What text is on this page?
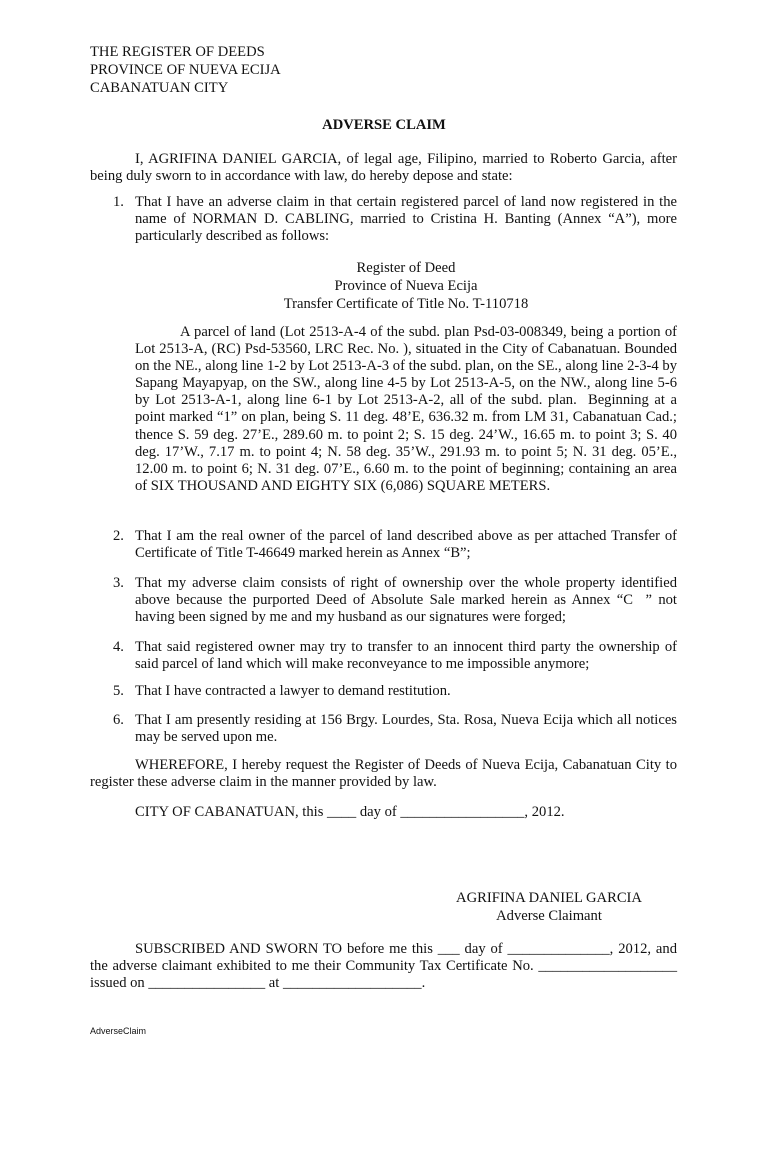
THE REGISTER OF DEEDS
PROVINCE OF NUEVA ECIJA
CABANATUAN CITY
ADVERSE CLAIM
I, AGRIFINA DANIEL GARCIA, of legal age, Filipino, married to Roberto Garcia, after being duly sworn to in accordance with law, do hereby depose and state:
1. That I have an adverse claim in that certain registered parcel of land now registered in the name of NORMAN D. CABLING, married to Cristina H. Banting (Annex “A”), more particularly described as follows:
Register of Deed
Province of Nueva Ecija
Transfer Certificate of Title No. T-110718
A parcel of land (Lot 2513-A-4 of the subd. plan Psd-03-008349, being a portion of Lot 2513-A, (RC) Psd-53560, LRC Rec. No. ), situated in the City of Cabanatuan. Bounded on the NE., along line 1-2 by Lot 2513-A-3 of the subd. plan, on the SE., along line 2-3-4 by Sapang Mayapyap, on the SW., along line 4-5 by Lot 2513-A-5, on the NW., along line 5-6 by Lot 2513-A-1, along line 6-1 by Lot 2513-A-2, all of the subd. plan.  Beginning at a point marked “1” on plan, being S. 11 deg. 48’E, 636.32 m. from LM 31, Cabanatuan Cad.; thence S. 59 deg. 27’E., 289.60 m. to point 2; S. 15 deg. 24’W., 16.65 m. to point 3; S. 40 deg. 17’W., 7.17 m. to point 4; N. 58 deg. 35’W., 291.93 m. to point 5; N. 31 deg. 05’E., 12.00 m. to point 6; N. 31 deg. 07’E., 6.60 m. to the point of beginning; containing an area of SIX THOUSAND AND EIGHTY SIX (6,086) SQUARE METERS.
2. That I am the real owner of the parcel of land described above as per attached Transfer of Certificate of Title T-46649 marked herein as Annex “B”;
3. That my adverse claim consists of right of ownership over the whole property identified above because the purported Deed of Absolute Sale marked herein as Annex “C  ” not having been signed by me and my husband as our signatures were forged;
4. That said registered owner may try to transfer to an innocent third party the ownership of said parcel of land which will make reconveyance to me impossible anymore;
5. That I have contracted a lawyer to demand restitution.
6. That I am presently residing at 156 Brgy. Lourdes, Sta. Rosa, Nueva Ecija which all notices may be served upon me.
WHEREFORE, I hereby request the Register of Deeds of Nueva Ecija, Cabanatuan City to register these adverse claim in the manner provided by law.
CITY OF CABANATUAN, this ____ day of _________________, 2012.
AGRIFINA DANIEL GARCIA
Adverse Claimant
SUBSCRIBED AND SWORN TO before me this ___ day of ______________, 2012, and the adverse claimant exhibited to me their Community Tax Certificate No. ___________________ issued on ________________ at ___________________.
AdverseClaim
